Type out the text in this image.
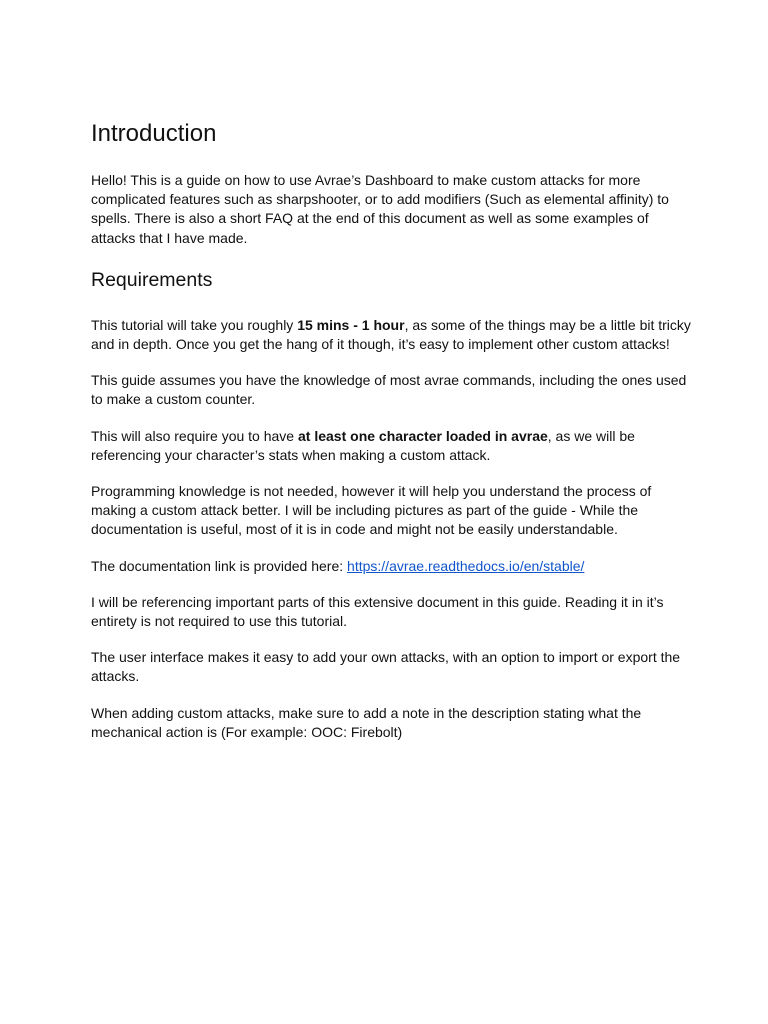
Introduction

Hello! This is a guide on how to use Avrae’s Dashboard to make custom attacks for more complicated features such as sharpshooter, or to add modifiers (Such as elemental affinity) to spells. There is also a short FAQ at the end of this document as well as some examples of attacks that I have made.

Requirements

This tutorial will take you roughly 15 mins - 1 hour, as some of the things may be a little bit tricky and in depth. Once you get the hang of it though, it’s easy to implement other custom attacks!

This guide assumes you have the knowledge of most avrae commands, including the ones used to make a custom counter.

This will also require you to have at least one character loaded in avrae, as we will be referencing your character’s stats when making a custom attack.

Programming knowledge is not needed, however it will help you understand the process of making a custom attack better. I will be including pictures as part of the guide - While the documentation is useful, most of it is in code and might not be easily understandable.

The documentation link is provided here: https://avrae.readthedocs.io/en/stable/

I will be referencing important parts of this extensive document in this guide. Reading it in it’s entirety is not required to use this tutorial.

The user interface makes it easy to add your own attacks, with an option to import or export the attacks.

When adding custom attacks, make sure to add a note in the description stating what the mechanical action is (For example: OOC: Firebolt)
